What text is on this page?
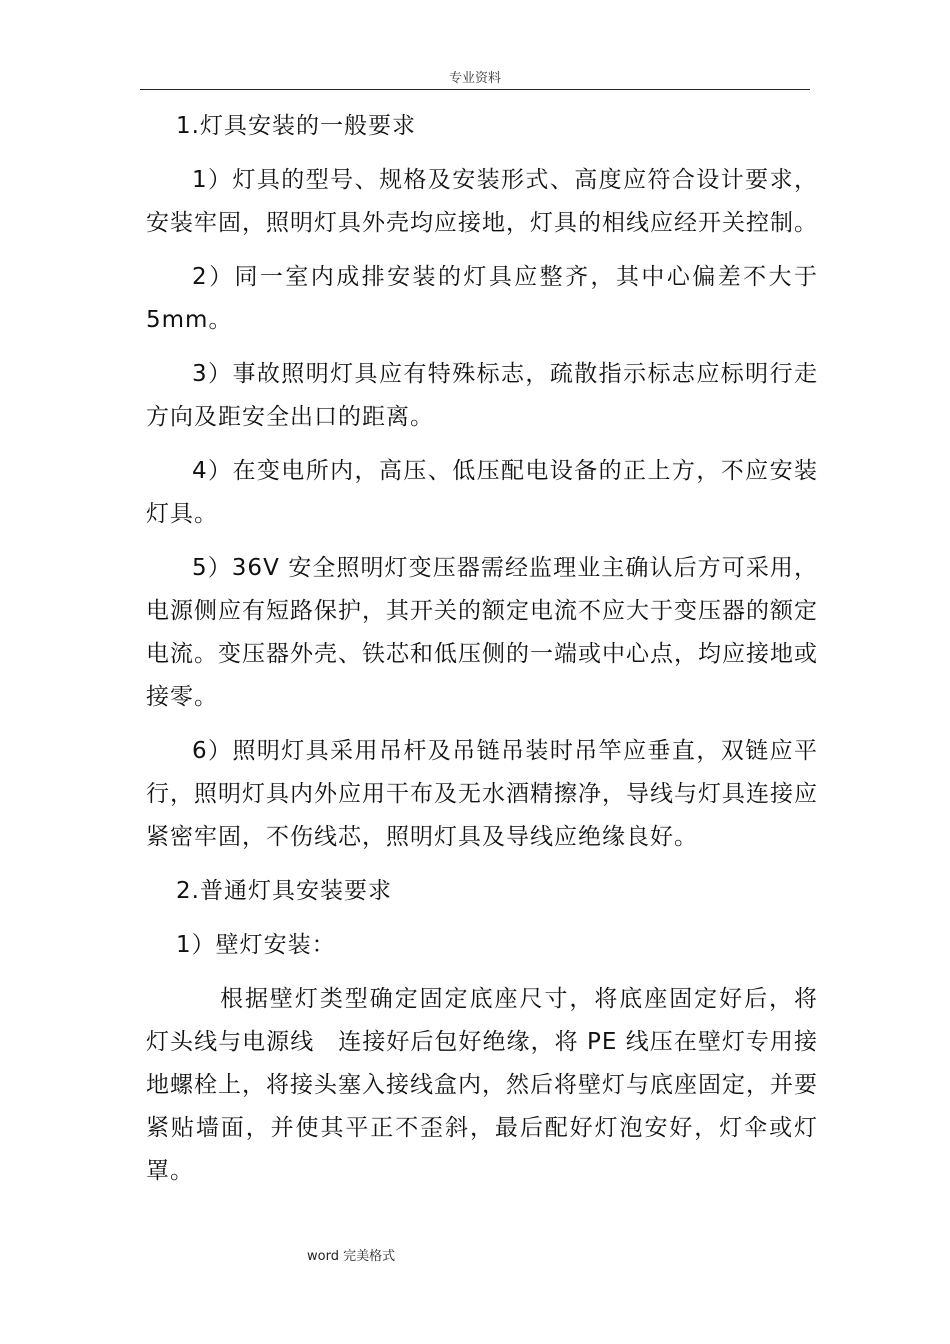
专业资料

1.灯具安装的一般要求

1）灯具的型号、规格及安装形式、高度应符合设计要求，安装牢固，照明灯具外壳均应接地，灯具的相线应经开关控制。

2）同一室内成排安装的灯具应整齐，其中心偏差不大于5mm。

3）事故照明灯具应有特殊标志，疏散指示标志应标明行走方向及距安全出口的距离。

4）在变电所内，高压、低压配电设备的正上方，不应安装灯具。

5）36V 安全照明灯变压器需经监理业主确认后方可采用，电源侧应有短路保护，其开关的额定电流不应大于变压器的额定电流。变压器外壳、铁芯和低压侧的一端或中心点，均应接地或接零。

6）照明灯具采用吊杆及吊链吊装时吊竿应垂直，双链应平行，照明灯具内外应用干布及无水酒精擦净，导线与灯具连接应紧密牢固，不伤线芯，照明灯具及导线应绝缘良好。

2.普通灯具安装要求

1）壁灯安装：

根据壁灯类型确定固定底座尺寸，将底座固定好后，将灯头线与电源线　连接好后包好绝缘，将 PE 线压在壁灯专用接地螺栓上，将接头塞入接线盒内，然后将壁灯与底座固定，并要紧贴墙面，并使其平正不歪斜，最后配好灯泡安好，灯伞或灯罩。

word 完美格式
